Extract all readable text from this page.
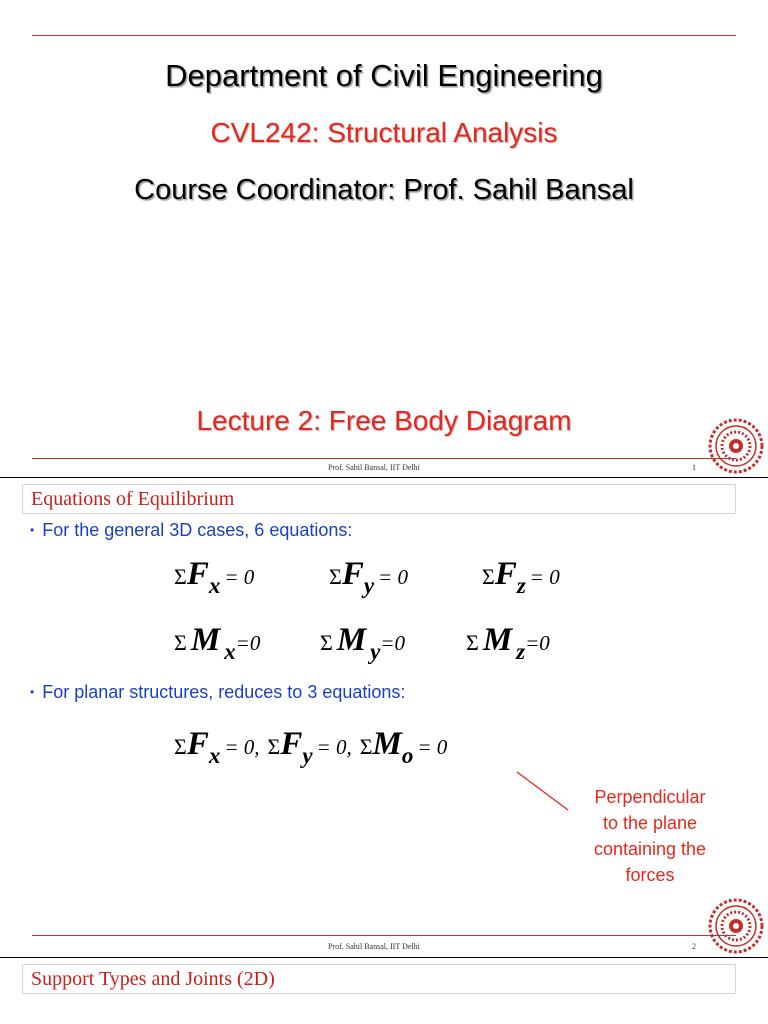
Department of Civil Engineering
CVL242: Structural Analysis
Course Coordinator: Prof. Sahil Bansal
Lecture 2: Free Body Diagram
Prof. Sahil Bansal, IIT Delhi	1
Equations of Equilibrium
• For the general 3D cases, 6 equations:
ΣFx = 0	ΣFy = 0	ΣFz = 0
Σ M x=0	Σ M y=0	Σ M z=0
• For planar structures, reduces to 3 equations:
ΣFx = 0, ΣFy = 0, ΣMo = 0
Perpendicular
to the plane
containing the
forces
Prof. Sahil Bansal, IIT Delhi	2
Support Types and Joints (2D)
